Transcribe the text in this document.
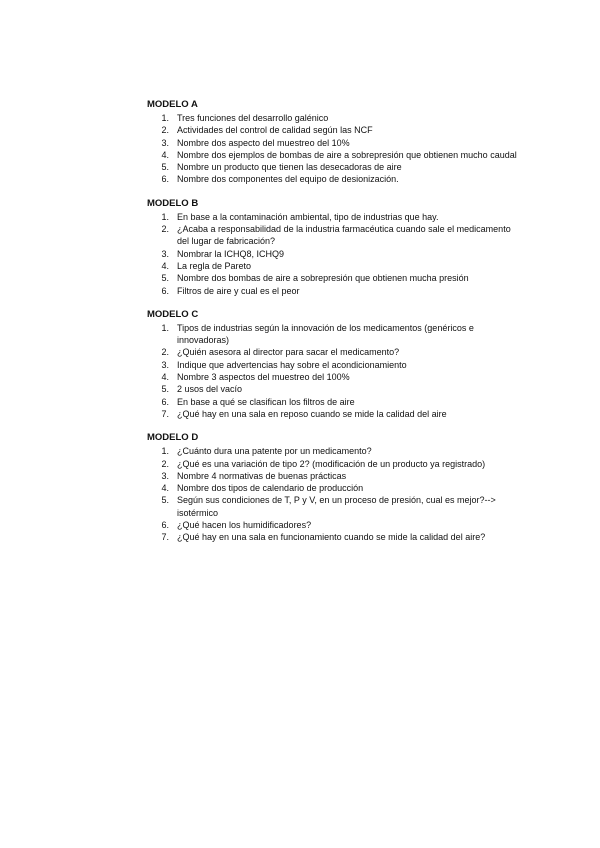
MODELO A
1. Tres funciones del desarrollo galénico
2. Actividades del control de calidad según las NCF
3. Nombre dos aspecto del muestreo del 10%
4. Nombre dos ejemplos de bombas de aire a sobrepresión que obtienen mucho caudal
5. Nombre un producto que tienen las desecadoras de aire
6. Nombre dos componentes del equipo de desionización.
MODELO B
1. En base a la contaminación ambiental, tipo de industrias que hay.
2. ¿Acaba a responsabilidad de la industria farmacéutica cuando sale el medicamento del lugar de fabricación?
3. Nombrar la ICHQ8, ICHQ9
4. La regla de Pareto
5. Nombre dos bombas de aire a sobrepresión que obtienen mucha presión
6. Filtros de aire y cual es el peor
MODELO C
1. Tipos de industrias según la innovación de los medicamentos (genéricos e innovadoras)
2. ¿Quién asesora al director para sacar el medicamento?
3. Indique que advertencias hay sobre el acondicionamiento
4. Nombre 3 aspectos del muestreo del 100%
5. 2 usos del vacío
6. En base a qué se clasifican los filtros de aire
7. ¿Qué hay en una sala en reposo cuando se mide la calidad del aire
MODELO D
1. ¿Cuánto dura una patente por un medicamento?
2. ¿Qué es una variación de tipo 2? (modificación de un producto ya registrado)
3. Nombre 4 normativas de buenas prácticas
4. Nombre dos tipos de calendario de producción
5. Según sus condiciones de T, P y V, en un proceso de presión, cual es mejor?--> isotérmico
6. ¿Qué hacen los humidificadores?
7. ¿Qué hay en una sala en funcionamiento cuando se mide la calidad del aire?
